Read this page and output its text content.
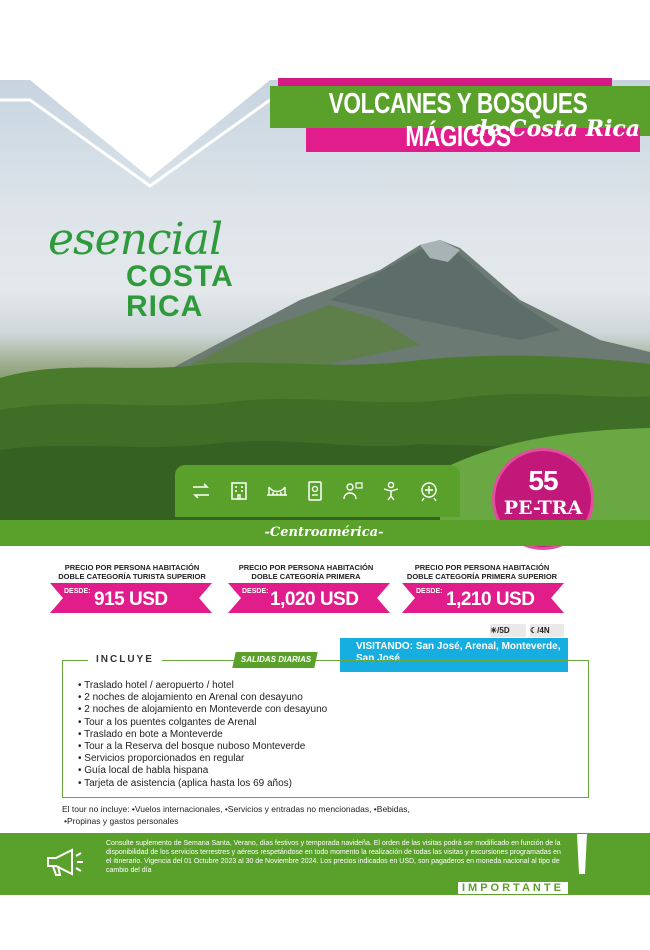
VOLCANES Y BOSQUES MÁGICOS
de Costa Rica
esencial
COSTA
RICA
55
PE-TRA
-Centroamérica-
PRECIO POR PERSONA HABITACIÓN DOBLE CATEGORÍA TURISTA SUPERIOR
DESDE: 915 USD
PRECIO POR PERSONA HABITACIÓN DOBLE CATEGORÍA PRIMERA
DESDE: 1,020 USD
PRECIO POR PERSONA HABITACIÓN DOBLE CATEGORÍA PRIMERA SUPERIOR
DESDE: 1,210 USD
☀/5D	☾/4N
VISITANDO: San José, Arenal, Monteverde, San José
INCLUYE	SALIDAS DIARIAS
• Traslado hotel / aeropuerto / hotel
• 2 noches de alojamiento en Arenal con desayuno
• 2 noches de alojamiento en Monteverde con desayuno
• Tour a los puentes colgantes de Arenal
• Traslado en bote a Monteverde
• Tour a la Reserva del bosque nuboso Monteverde
• Servicios proporcionados en regular
• Guía local de habla hispana
• Tarjeta de asistencia (aplica hasta los 69 años)
El tour no incluye: •Vuelos internacionales, •Servicios y entradas no mencionadas, •Bebidas,
•Propinas y gastos personales
Consulte suplemento de Semana Santa, Verano, días festivos y temporada navideña. El orden de las visitas podrá ser modificado en función de la disponibilidad de los servicios terrestres y aéreos respetándose en todo momento la realización de todas las visitas y excursiones programadas en el itinerario. Vigencia del 01 Octubre 2023 al 30 de Noviembre 2024. Los precios indicados en USD, son pagaderos en moneda nacional al tipo de cambio del día
IMPORTANTE
